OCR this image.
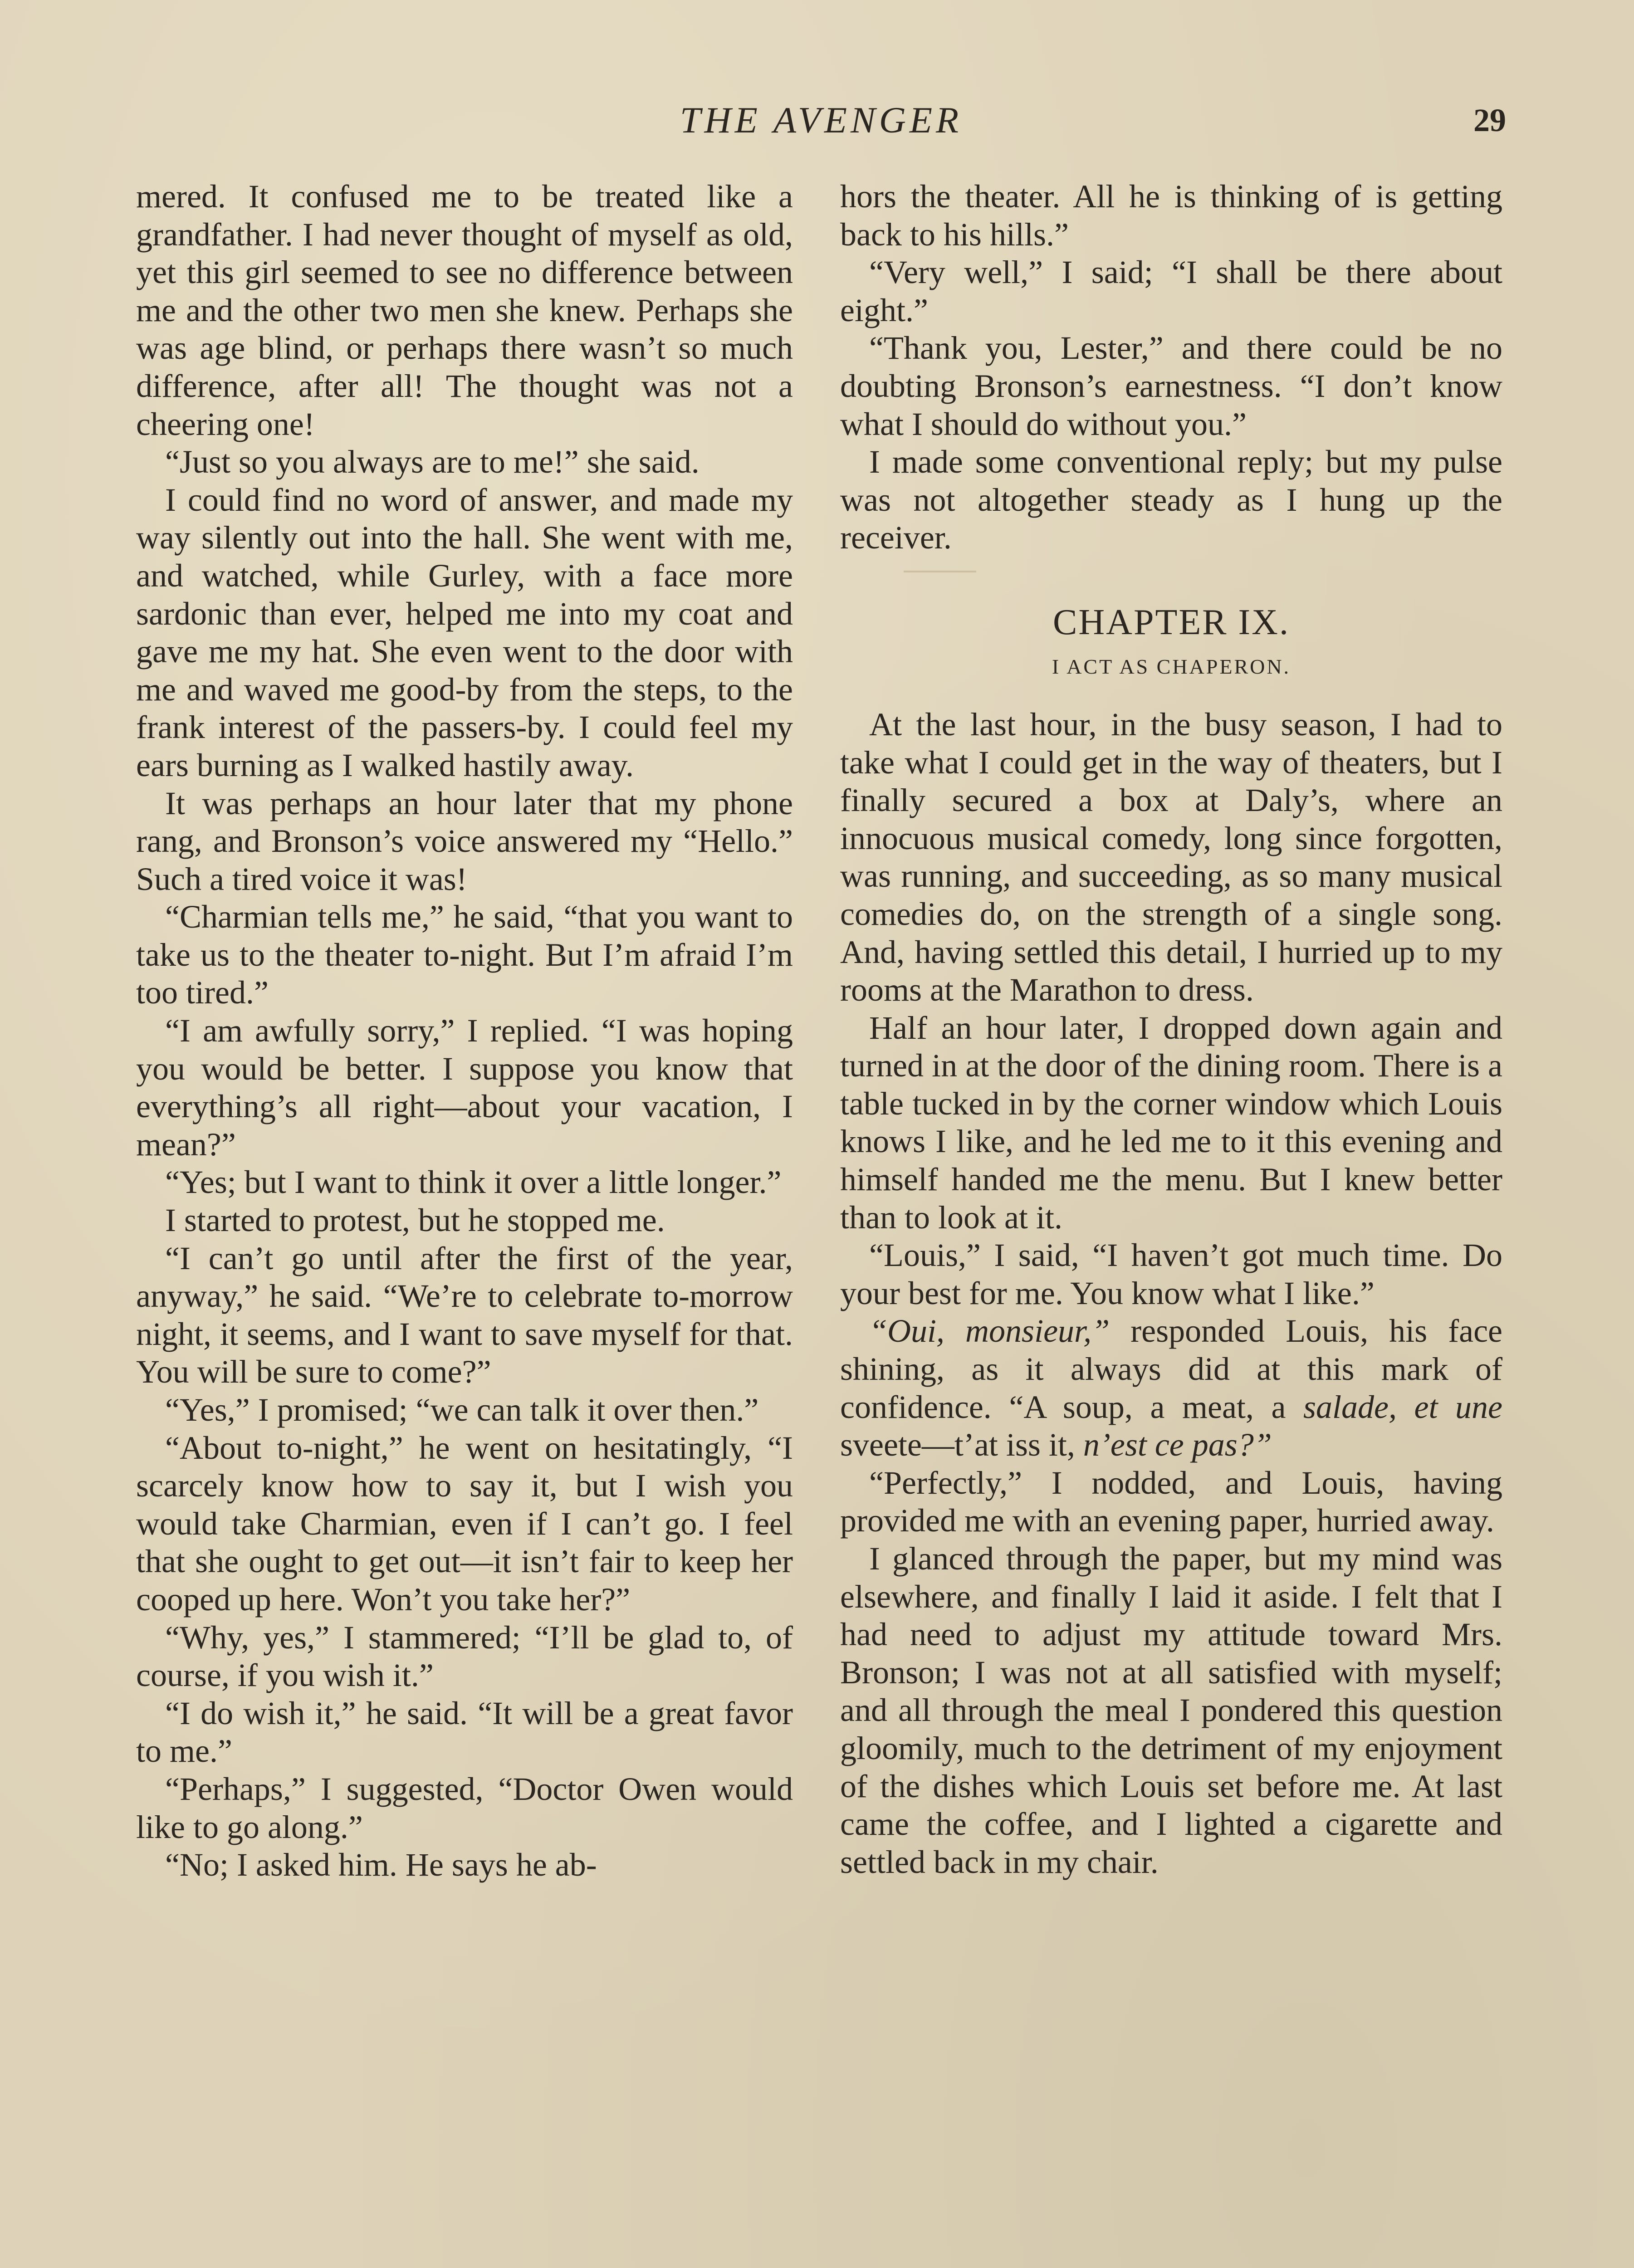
THE AVENGER	29

mered. It confused me to be treated like a grandfather. I had never thought of myself as old, yet this girl seemed to see no difference between me and the other two men she knew. Perhaps she was age blind, or perhaps there wasn’t so much difference, after all! The thought was not a cheering one!

“Just so you always are to me!” she said.

I could find no word of answer, and made my way silently out into the hall. She went with me, and watched, while Gurley, with a face more sardonic than ever, helped me into my coat and gave me my hat. She even went to the door with me and waved me good-by from the steps, to the frank interest of the passers-by. I could feel my ears burning as I walked hastily away.

It was perhaps an hour later that my phone rang, and Bronson’s voice answered my “Hello.” Such a tired voice it was!

“Charmian tells me,” he said, “that you want to take us to the theater to-night. But I’m afraid I’m too tired.”

“I am awfully sorry,” I replied. “I was hoping you would be better. I suppose you know that everything’s all right—about your vacation, I mean?”

“Yes; but I want to think it over a little longer.”

I started to protest, but he stopped me.

“I can’t go until after the first of the year, anyway,” he said. “We’re to celebrate to-morrow night, it seems, and I want to save myself for that. You will be sure to come?”

“Yes,” I promised; “we can talk it over then.”

“About to-night,” he went on hesitatingly, “I scarcely know how to say it, but I wish you would take Charmian, even if I can’t go. I feel that she ought to get out—it isn’t fair to keep her cooped up here. Won’t you take her?”

“Why, yes,” I stammered; “I’ll be glad to, of course, if you wish it.”

“I do wish it,” he said. “It will be a great favor to me.”

“Perhaps,” I suggested, “Doctor Owen would like to go along.”

“No; I asked him. He says he ab-

hors the theater. All he is thinking of is getting back to his hills.”

“Very well,” I said; “I shall be there about eight.”

“Thank you, Lester,” and there could be no doubting Bronson’s earnestness. “I don’t know what I should do without you.”

I made some conventional reply; but my pulse was not altogether steady as I hung up the receiver.

CHAPTER IX.

I ACT AS CHAPERON.

At the last hour, in the busy season, I had to take what I could get in the way of theaters, but I finally secured a box at Daly’s, where an innocuous musical comedy, long since forgotten, was running, and succeeding, as so many musical comedies do, on the strength of a single song. And, having settled this detail, I hurried up to my rooms at the Marathon to dress.

Half an hour later, I dropped down again and turned in at the door of the dining room. There is a table tucked in by the corner window which Louis knows I like, and he led me to it this evening and himself handed me the menu. But I knew better than to look at it.

“Louis,” I said, “I haven’t got much time. Do your best for me. You know what I like.”

“Oui, monsieur,” responded Louis, his face shining, as it always did at this mark of confidence. “A soup, a meat, a salade, et une sveete—t’at iss it, n’est ce pas?”

“Perfectly,” I nodded, and Louis, having provided me with an evening paper, hurried away.

I glanced through the paper, but my mind was elsewhere, and finally I laid it aside. I felt that I had need to adjust my attitude toward Mrs. Bronson; I was not at all satisfied with myself; and all through the meal I pondered this question gloomily, much to the detriment of my enjoyment of the dishes which Louis set before me. At last came the coffee, and I lighted a cigarette and settled back in my chair.
